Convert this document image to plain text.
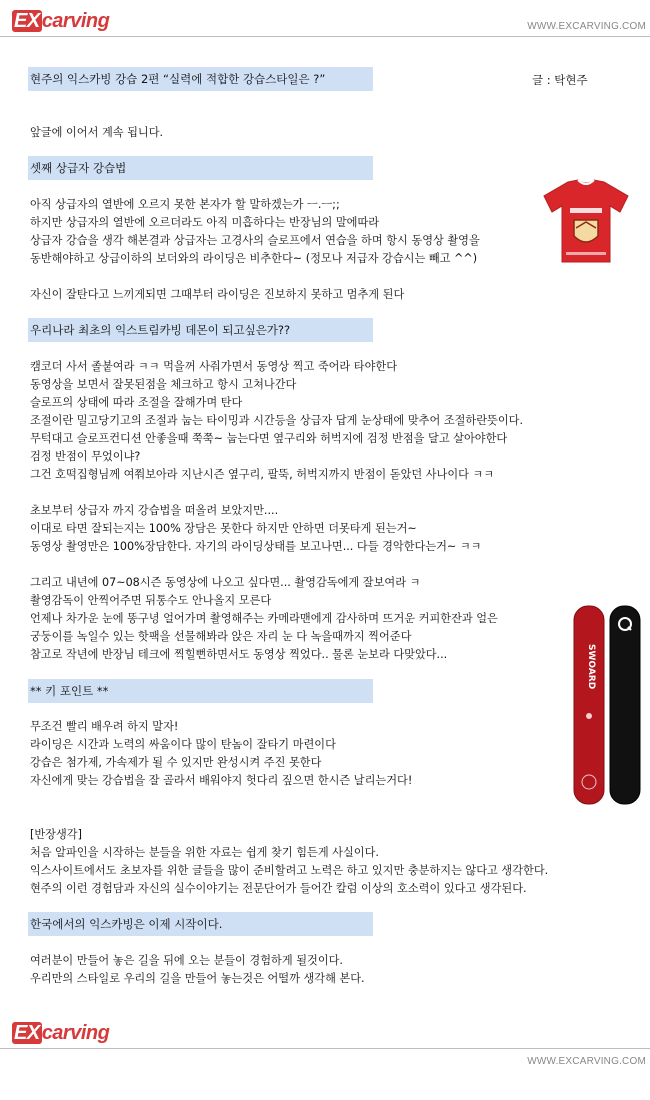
EX carving	WWW.EXCARVING.COM
현주의 익스카빙 강습 2편 “실력에 적합한 강습스타일은 ?”	글 : 탁현주
앞글에 이어서 계속 됩니다.
셋째 상급자 강습법
아직 상급자의 열반에 오르지 못한 본자가 할 말하겠는가 ㅡ.ㅡ;;
하지만 상급자의 열반에 오르더라도 아직 미흡하다는 반장님의 말에따라
상급자 강습을 생각 해본결과 상급자는 고경사의 슬로프에서 연습을 하며 항시 동영상 촬영을
동반해야하고 상급이하의 보더와의 라이딩은 비추한다~ (정모나 저급자 강습시는 빼고 ^^)

자신이 잘탄다고 느끼게되면 그때부터 라이딩은 진보하지 못하고 멈추게 된다
우리나라 최초의 익스트림카빙 데몬이 되고싶은가??
캠코더 사서 졸붙여라 ㅋㅋ 먹을꺼 사줘가면서 동영상 찍고 죽어라 타야한다
동영상을 보면서 잘못된점을 체크하고 항시 고쳐나간다
슬로프의 상태에 따라 조절을 잘해가며 탄다
조절이란 밀고당기고의 조절과 눕는 타이밍과 시간등을 상급자 답게 눈상태에 맞추어 조절하란뜻이다.
무턱대고 슬로프컨디션 안좋을때 쭉쭉~ 눕는다면 옆구리와 허벅지에 검정 반점을 달고 살아야한다
검정 반점이 무었이냐?
그건 호떡집형님께 여쭤보아라 지난시즌 옆구리, 팔뚝, 허벅지까지 반점이 돋았던 사나이다 ㅋㅋ

초보부터 상급자 까지 강습법을 떠올려 보았지만....
이대로 타면 잘되는지는 100% 장담은 못한다 하지만 안하면 더못타게 된는거~
동영상 촬영만은 100%장담한다. 자기의 라이딩상태를 보고나면... 다들 경악한다는거~ ㅋㅋ

그리고 내년에 07~08시즌 동영상에 나오고 싶다면... 촬영감독에게 잘보여라 ㅋ
촬영감독이 안찍어주면 뒤통수도 안나올지 모른다
언제나 차가운 눈에 똥구녕 얼어가며 촬영해주는 카메라맨에게 감사하며 뜨거운 커피한잔과 얼은
궁둥이를 녹일수 있는 핫팩을 선물해봐라 앉은 자리 눈 다 녹을때까지 찍어준다
참고로 작년에 반장님 테크에 찍힐뻔하면서도 동영상 찍었다.. 물론 눈보라 다맞았다...	SWOARD
** 키 포인트 **
무조건 빨리 배우려 하지 말자!
라이딩은 시간과 노력의 싸움이다 많이 탄놈이 잘타기 마련이다
강습은 첨가제, 가속제가 될 수 있지만 완성시켜 주진 못한다
자신에게 맞는 강습법을 잘 골라서 배워야지 헛다리 짚으면 한시즌 날리는거다!
[반장생각]
처음 알파인을 시작하는 분들을 위한 자료는 쉽게 찾기 힘든게 사실이다.
익스사이트에서도 초보자를 위한 글들을 많이 준비할려고 노력은 하고 있지만 충분하지는 않다고 생각한다.
현주의 이런 경험담과 자신의 실수이야기는 전문단어가 들어간 칼럼 이상의 호소력이 있다고 생각된다.
한국에서의 익스카빙은 이제 시작이다.
여러분이 만들어 놓은 길을 뒤에 오는 분들이 경험하게 될것이다.
우리만의 스타일로 우리의 길을 만들어 놓는것은 어떨까 생각해 본다.
EX carving
WWW.EXCARVING.COM
